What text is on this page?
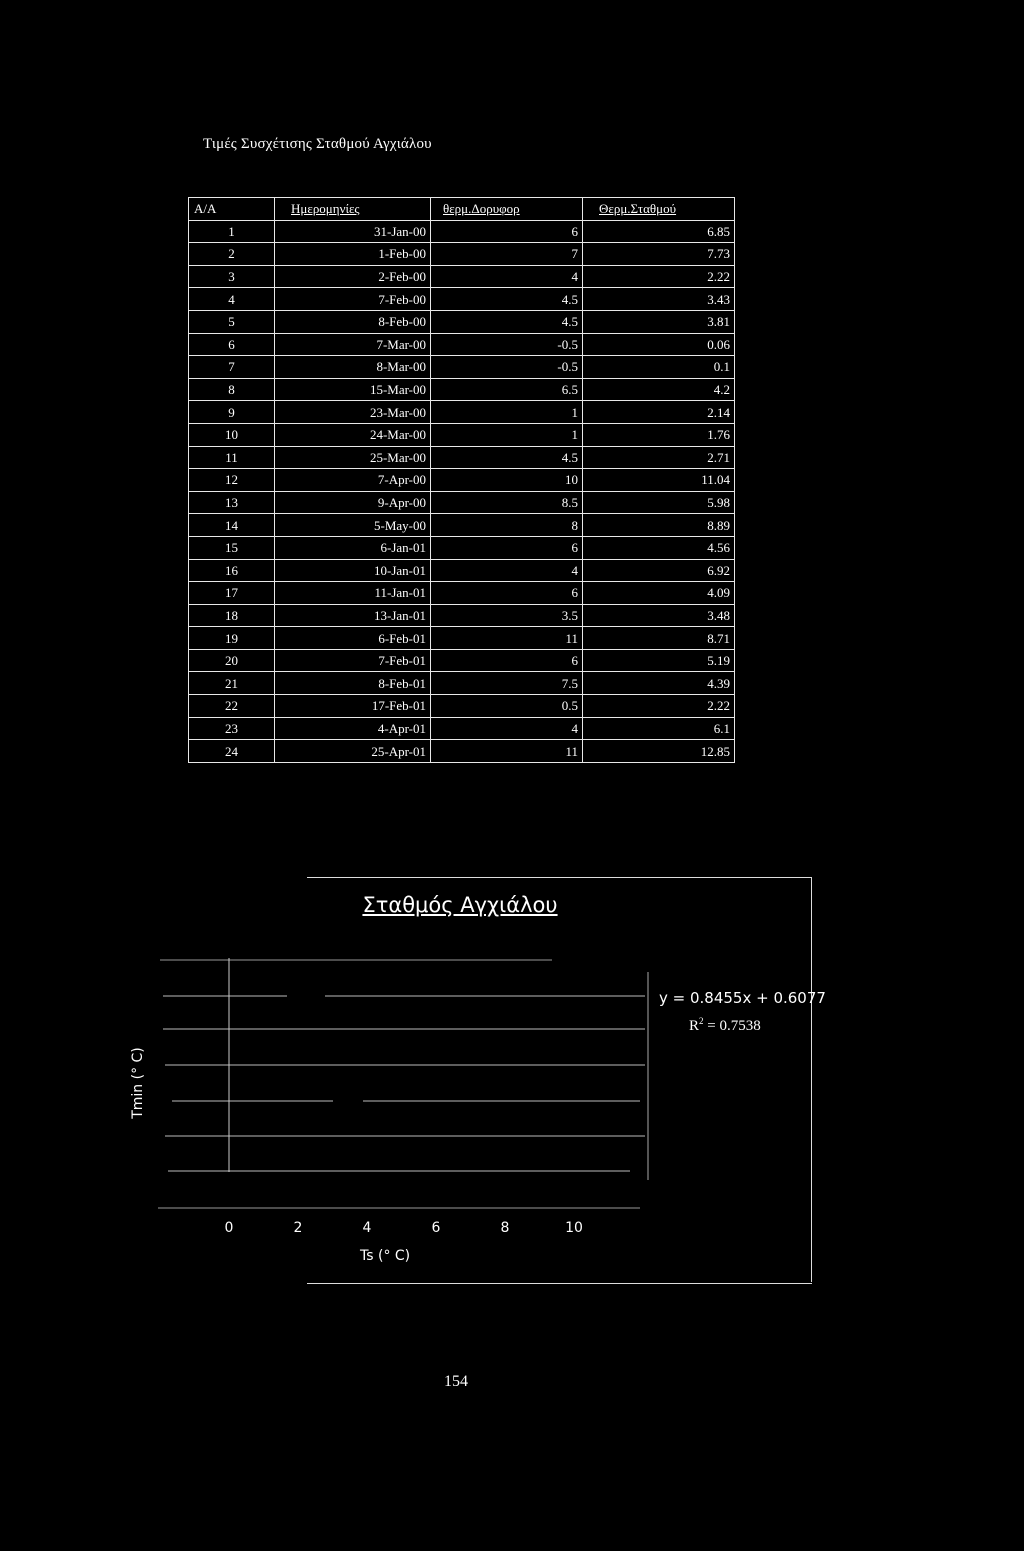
Τιμές Συσχέτισης Σταθμού Αγχιάλου
Α/Α	Ημερομηνίες	θερμ.Δορυφορ	Θερμ.Σταθμού
1	31-Jan-00	6	6.85
2	1-Feb-00	7	7.73
3	2-Feb-00	4	2.22
4	7-Feb-00	4.5	3.43
5	8-Feb-00	4.5	3.81
6	7-Mar-00	-0.5	0.06
7	8-Mar-00	-0.5	0.1
8	15-Mar-00	6.5	4.2
9	23-Mar-00	1	2.14
10	24-Mar-00	1	1.76
11	25-Mar-00	4.5	2.71
12	7-Apr-00	10	11.04
13	9-Apr-00	8.5	5.98
14	5-May-00	8	8.89
15	6-Jan-01	6	4.56
16	10-Jan-01	4	6.92
17	11-Jan-01	6	4.09
18	13-Jan-01	3.5	3.48
19	6-Feb-01	11	8.71
20	7-Feb-01	6	5.19
21	8-Feb-01	7.5	4.39
22	17-Feb-01	0.5	2.22
23	4-Apr-01	4	6.1
24	25-Apr-01	11	12.85
Σταθμός Αγχιάλου
0	2	4	6	8	10
y = 0.8455x + 0.6077
$R^2 = 0.7538$
Tmin (° C)
Ts (° C)
154
